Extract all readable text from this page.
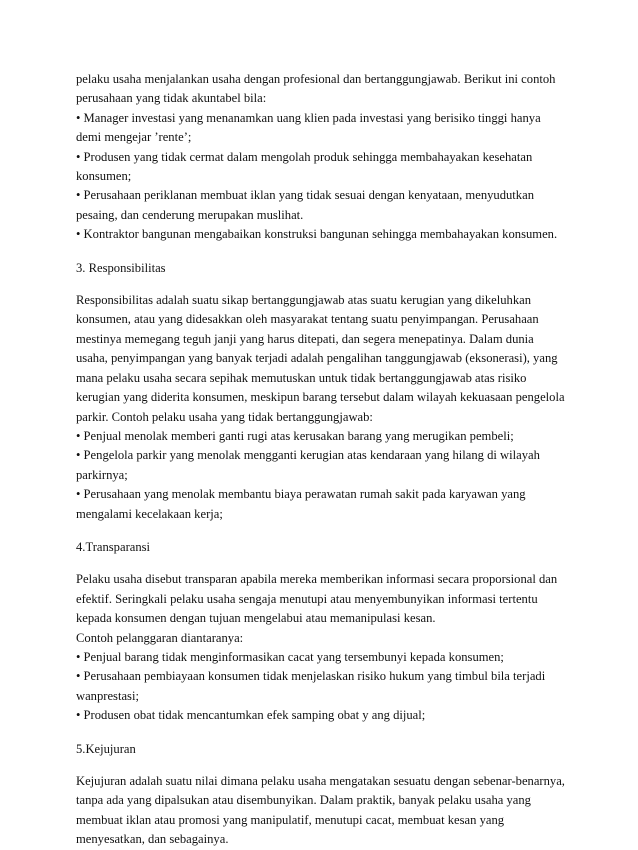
pelaku usaha menjalankan usaha dengan profesional dan bertanggungjawab. Berikut ini contoh
perusahaan yang tidak akuntabel bila:
• Manager investasi yang menanamkan uang klien pada investasi yang berisiko tinggi hanya
demi mengejar ’rente’;
• Produsen yang tidak cermat dalam mengolah produk sehingga membahayakan kesehatan
konsumen;
• Perusahaan periklanan membuat iklan yang tidak sesuai dengan kenyataan, menyudutkan
pesaing, dan cenderung merupakan muslihat.
• Kontraktor bangunan mengabaikan konstruksi bangunan sehingga membahayakan konsumen.
3. Responsibilitas
Responsibilitas adalah suatu sikap bertanggungjawab atas suatu kerugian yang dikeluhkan
konsumen, atau yang didesakkan oleh masyarakat tentang suatu penyimpangan. Perusahaan
mestinya memegang teguh janji yang harus ditepati, dan segera menepatinya. Dalam dunia
usaha, penyimpangan yang banyak terjadi adalah pengalihan tanggungjawab (eksonerasi), yang
mana pelaku usaha secara sepihak memutuskan untuk tidak bertanggungjawab atas risiko
kerugian yang diderita konsumen, meskipun barang tersebut dalam wilayah kekuasaan pengelola
parkir. Contoh pelaku usaha yang tidak bertanggungjawab:
• Penjual menolak memberi ganti rugi atas kerusakan barang yang merugikan pembeli;
• Pengelola parkir yang menolak mengganti kerugian atas kendaraan yang hilang di wilayah
parkirnya;
• Perusahaan yang menolak membantu biaya perawatan rumah sakit pada karyawan yang
mengalami kecelakaan kerja;
4.Transparansi
Pelaku usaha disebut transparan apabila mereka memberikan informasi secara proporsional dan
efektif. Seringkali pelaku usaha sengaja menutupi atau menyembunyikan informasi tertentu
kepada konsumen dengan tujuan mengelabui atau memanipulasi kesan.
Contoh pelanggaran diantaranya:
• Penjual barang tidak menginformasikan cacat yang tersembunyi kepada konsumen;
• Perusahaan pembiayaan konsumen tidak menjelaskan risiko hukum yang timbul bila terjadi
wanprestasi;
• Produsen obat tidak mencantumkan efek samping obat y ang dijual;
5.Kejujuran
Kejujuran adalah suatu nilai dimana pelaku usaha mengatakan sesuatu dengan sebenar-benarnya,
tanpa ada yang dipalsukan atau disembunyikan. Dalam praktik, banyak pelaku usaha yang
membuat iklan atau promosi yang manipulatif, menutupi cacat, membuat kesan yang
menyesatkan, dan sebagainya.
